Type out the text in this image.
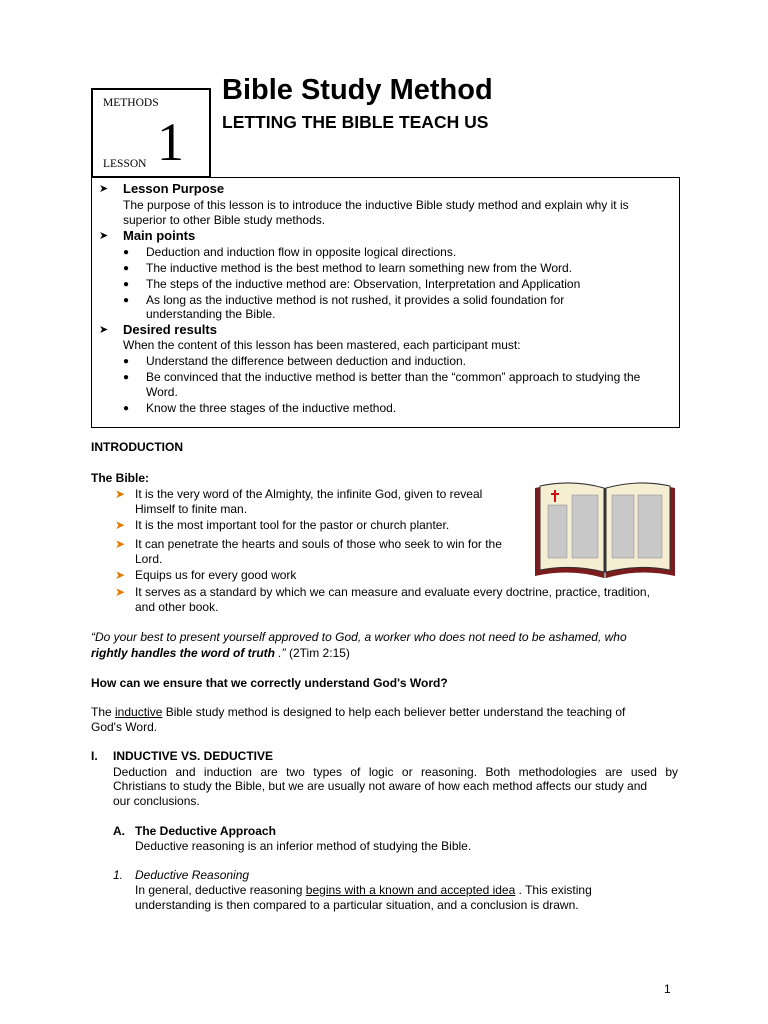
METHODS
1
LESSON
Bible Study Method
LETTING THE BIBLE TEACH US
➤ Lesson Purpose
The purpose of this lesson is to introduce the inductive Bible study method and explain why it is
superior to other Bible study methods.
➤ Main points
● Deduction and induction flow in opposite logical directions.
● The inductive method is the best method to learn something new from the Word.
● The steps of the inductive method are: Observation, Interpretation and Application
● As long as the inductive method is not rushed, it provides a solid foundation for
understanding the Bible.
➤ Desired results
When the content of this lesson has been mastered, each participant must:
● Understand the difference between deduction and induction.
● Be convinced that the inductive method is better than the “common” approach to studying the
Word.
● Know the three stages of the inductive method.
INTRODUCTION
The Bible:
➤ It is the very word of the Almighty, the infinite God, given to reveal
Himself to finite man.
➤ It is the most important tool for the pastor or church planter.
➤ It can penetrate the hearts and souls of those who seek to win for the
Lord.
➤ Equips us for every good work
➤ It serves as a standard by which we can measure and evaluate every doctrine, practice, tradition,
and other book.
“Do your best to present yourself approved to God, a worker who does not need to be ashamed, who
rightly handles the word of truth .” (2Tim 2:15)
How can we ensure that we correctly understand God's Word?
The inductive Bible study method is designed to help each believer better understand the teaching of
God's Word.
I. INDUCTIVE VS. DEDUCTIVE
Deduction and induction are two types of logic or reasoning. Both methodologies are used by
Christians to study the Bible, but we are usually not aware of how each method affects our study and
our conclusions.
A. The Deductive Approach
Deductive reasoning is an inferior method of studying the Bible.
1. Deductive Reasoning
In general, deductive reasoning begins with a known and accepted idea . This existing
understanding is then compared to a particular situation, and a conclusion is drawn.
1
